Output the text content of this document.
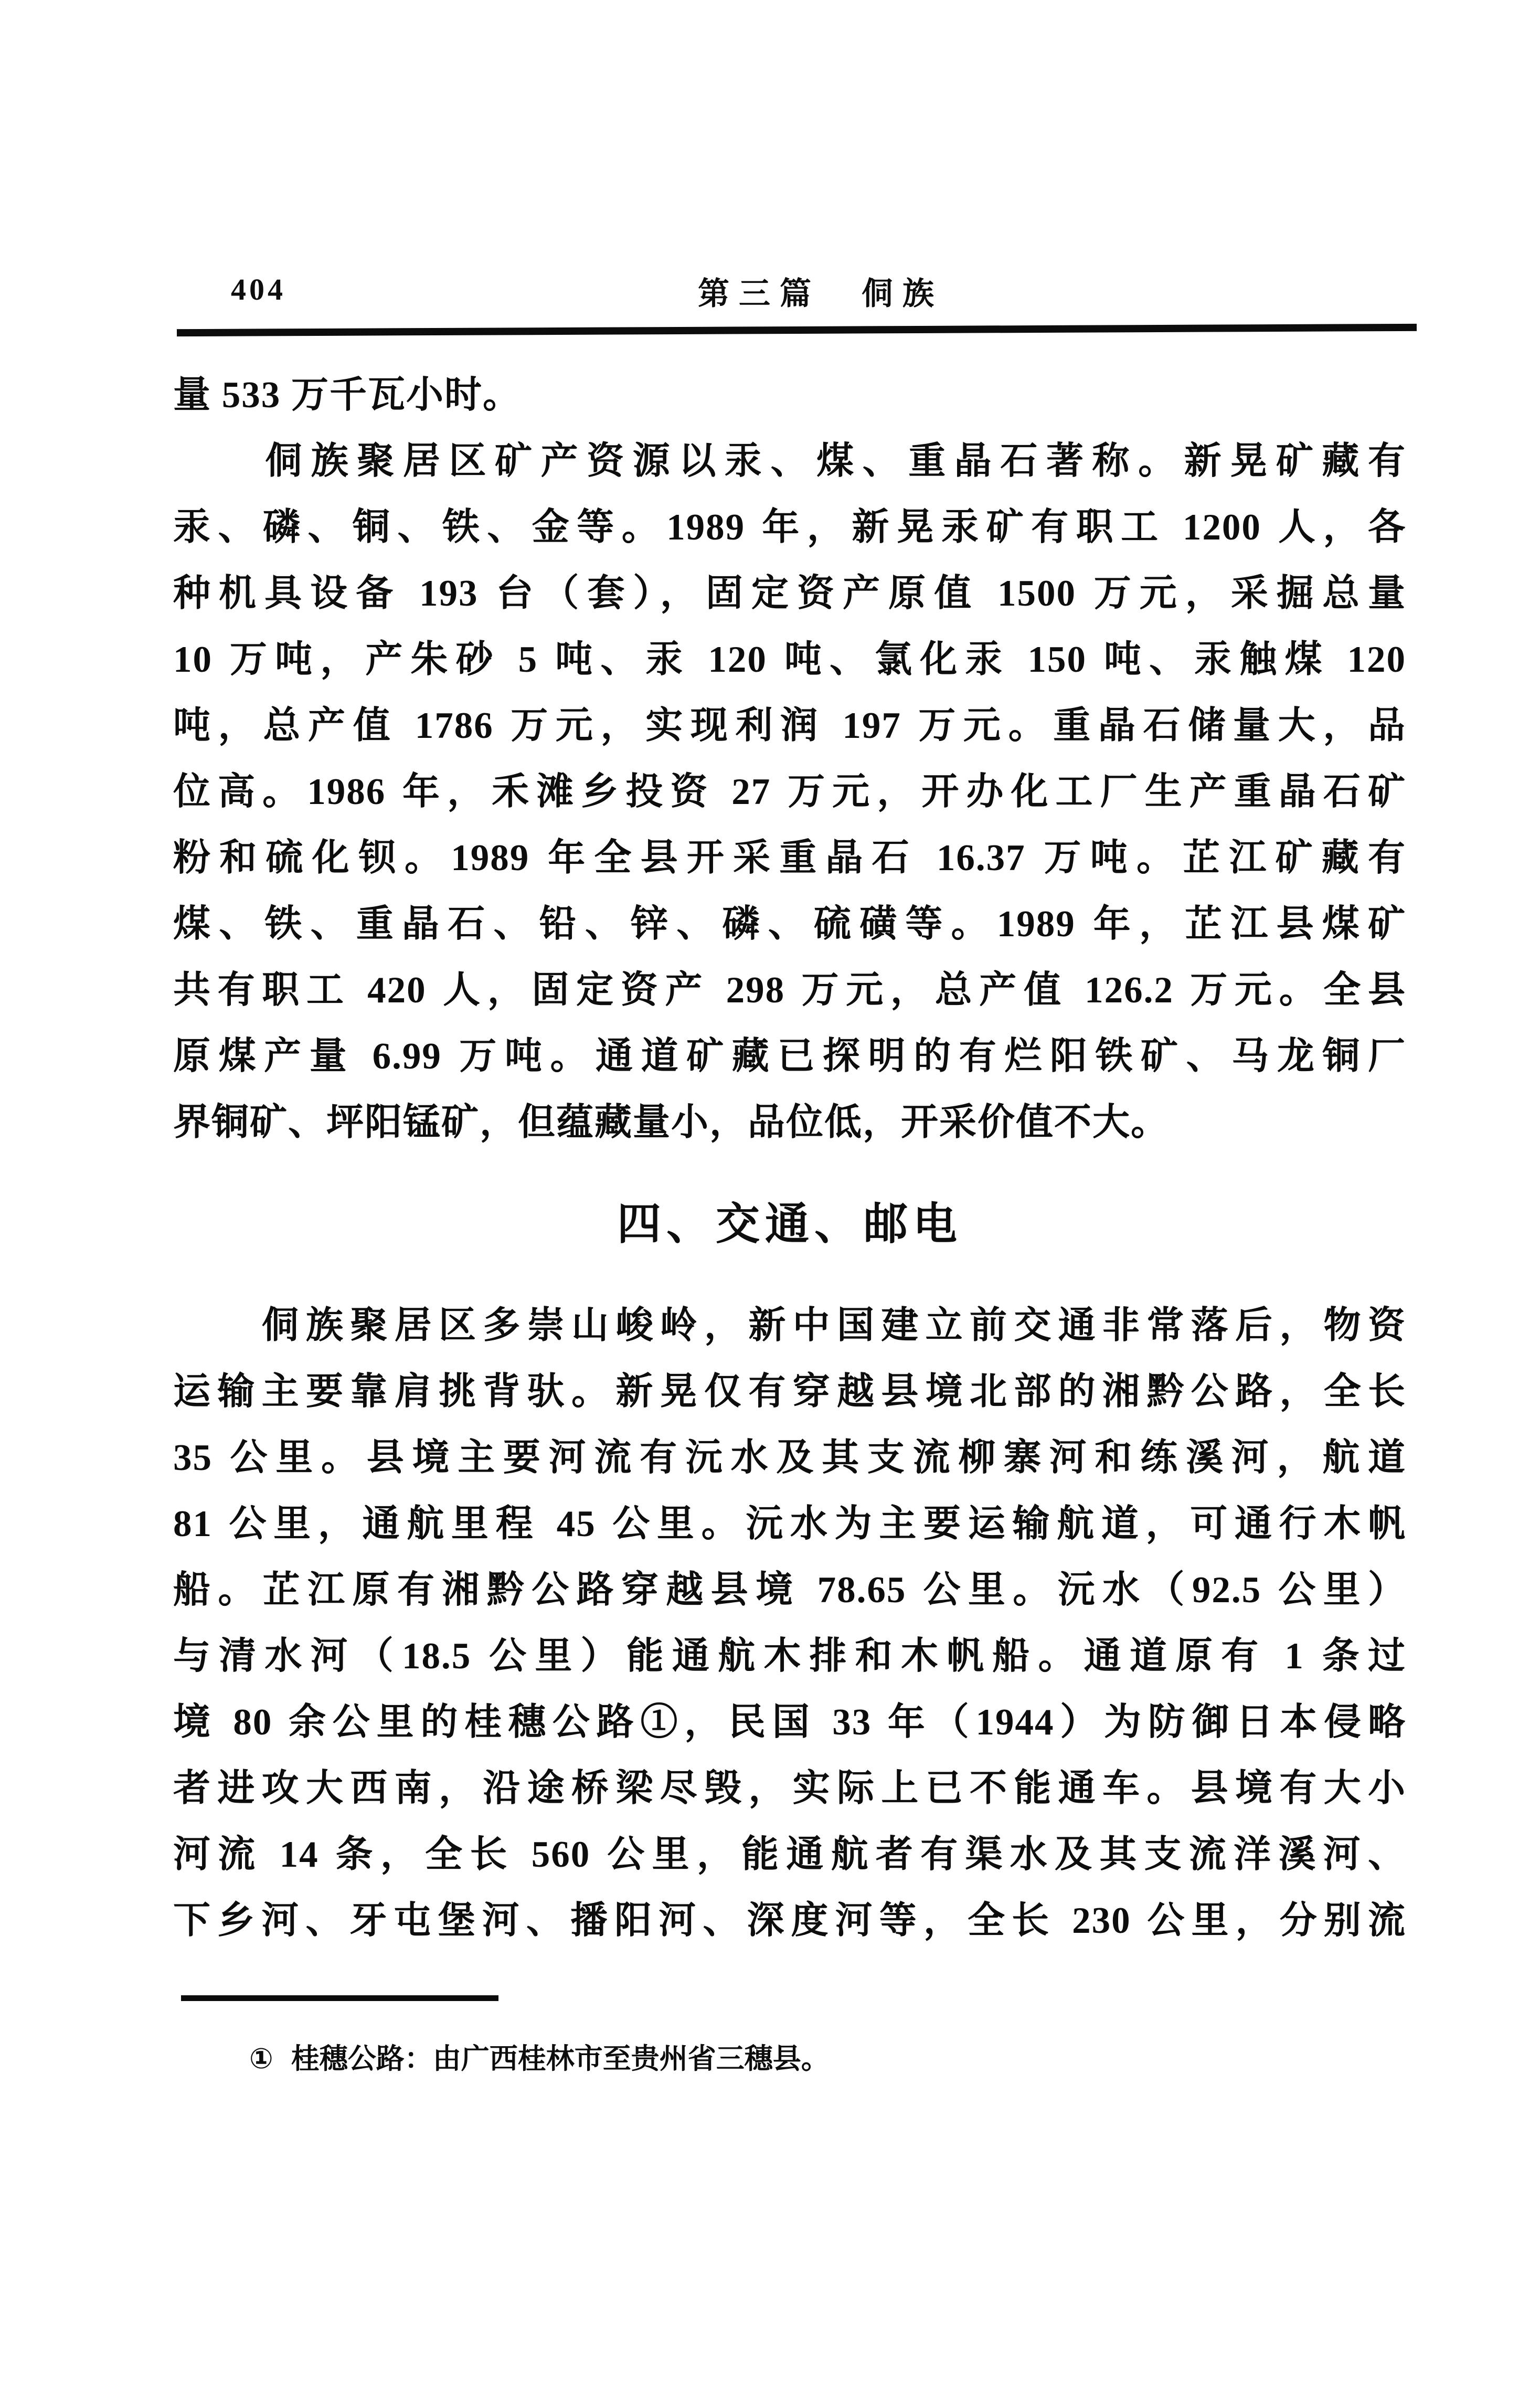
404	第三篇　侗族
量 533 万千瓦小时。
　　侗族聚居区矿产资源以汞、煤、重晶石著称。新晃矿藏有
汞、磷、铜、铁、金等。1989 年，新晃汞矿有职工 1200 人，各
种机具设备 193 台（套），固定资产原值 1500 万元，采掘总量
10 万吨，产朱砂 5 吨、汞 120 吨、氯化汞 150 吨、汞触煤 120
吨，总产值 1786 万元，实现利润 197 万元。重晶石储量大，品
位高。1986 年，禾滩乡投资 27 万元，开办化工厂生产重晶石矿
粉和硫化钡。1989 年全县开采重晶石 16.37 万吨。芷江矿藏有
煤、铁、重晶石、铅、锌、磷、硫磺等。1989 年，芷江县煤矿
共有职工 420 人，固定资产 298 万元，总产值 126.2 万元。全县
原煤产量 6.99 万吨。通道矿藏已探明的有烂阳铁矿、马龙铜厂
界铜矿、坪阳锰矿，但蕴藏量小，品位低，开采价值不大。
四、交通、邮电
　　侗族聚居区多崇山峻岭，新中国建立前交通非常落后，物资
运输主要靠肩挑背驮。新晃仅有穿越县境北部的湘黔公路，全长
35 公里。县境主要河流有沅水及其支流柳寨河和练溪河，航道
81 公里，通航里程 45 公里。沅水为主要运输航道，可通行木帆
船。芷江原有湘黔公路穿越县境 78.65 公里。沅水（92.5 公里）
与清水河（18.5 公里）能通航木排和木帆船。通道原有 1 条过
境 80 余公里的桂穗公路①，民国 33 年（1944）为防御日本侵略
者进攻大西南，沿途桥梁尽毁，实际上已不能通车。县境有大小
河流 14 条，全长 560 公里，能通航者有渠水及其支流洋溪河、
下乡河、牙屯堡河、播阳河、深度河等，全长 230 公里，分别流
① 桂穗公路：由广西桂林市至贵州省三穗县。
